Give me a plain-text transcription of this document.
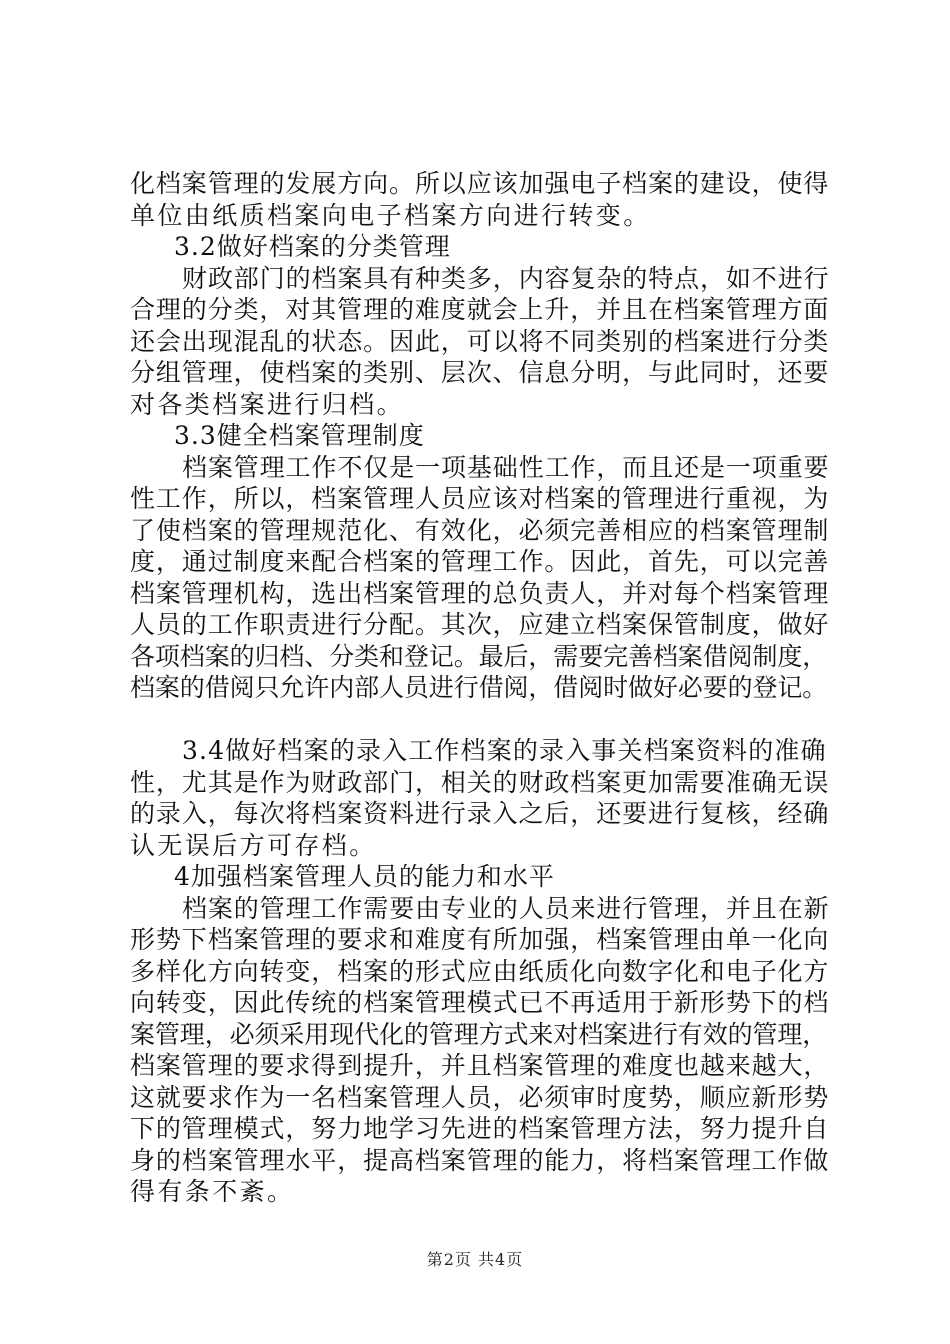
化档案管理的发展方向。所以应该加强电子档案的建设，使得
单位由纸质档案向电子档案方向进行转变。
3.2做好档案的分类管理
财政部门的档案具有种类多，内容复杂的特点，如不进行
合理的分类，对其管理的难度就会上升，并且在档案管理方面
还会出现混乱的状态。因此，可以将不同类别的档案进行分类
分组管理，使档案的类别、层次、信息分明，与此同时，还要
对各类档案进行归档。
3.3健全档案管理制度
档案管理工作不仅是一项基础性工作，而且还是一项重要
性工作，所以，档案管理人员应该对档案的管理进行重视，为
了使档案的管理规范化、有效化，必须完善相应的档案管理制
度，通过制度来配合档案的管理工作。因此，首先，可以完善
档案管理机构，选出档案管理的总负责人，并对每个档案管理
人员的工作职责进行分配。其次，应建立档案保管制度，做好
各项档案的归档、分类和登记。最后，需要完善档案借阅制度，
档案的借阅只允许内部人员进行借阅，借阅时做好必要的登记。
3.4做好档案的录入工作档案的录入事关档案资料的准确
性，尤其是作为财政部门，相关的财政档案更加需要准确无误
的录入，每次将档案资料进行录入之后，还要进行复核，经确
认无误后方可存档。
4加强档案管理人员的能力和水平
档案的管理工作需要由专业的人员来进行管理，并且在新
形势下档案管理的要求和难度有所加强，档案管理由单一化向
多样化方向转变，档案的形式应由纸质化向数字化和电子化方
向转变，因此传统的档案管理模式已不再适用于新形势下的档
案管理，必须采用现代化的管理方式来对档案进行有效的管理，
档案管理的要求得到提升，并且档案管理的难度也越来越大，
这就要求作为一名档案管理人员，必须审时度势，顺应新形势
下的管理模式，努力地学习先进的档案管理方法，努力提升自
身的档案管理水平，提高档案管理的能力，将档案管理工作做
得有条不紊。
第2页 共4页
